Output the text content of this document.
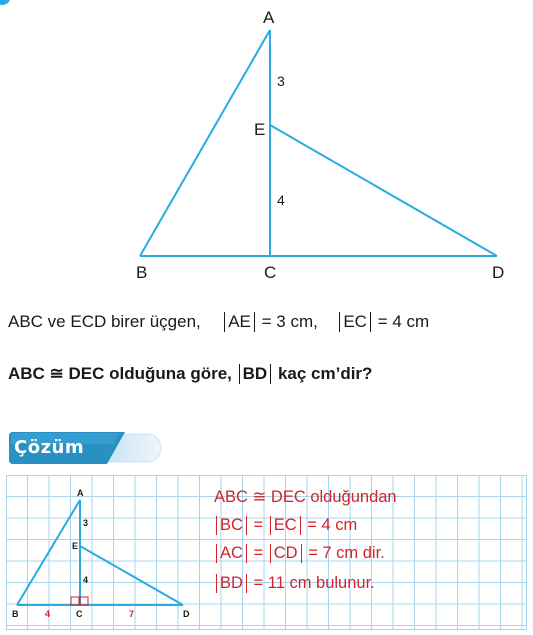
A
E
B	C	D
3
4
ABC ve ECD birer üçgen, AE = 3 cm, EC = 4 cm
ABC ≅ DEC olduğuna göre, BD kaç cm’dir?
Çözüm
A
E
B	C	D
3
4
4	7
ABC ≅ DEC olduğundan
BC = EC = 4 cm
AC = CD = 7 cm dir.
BD = 11 cm bulunur.
